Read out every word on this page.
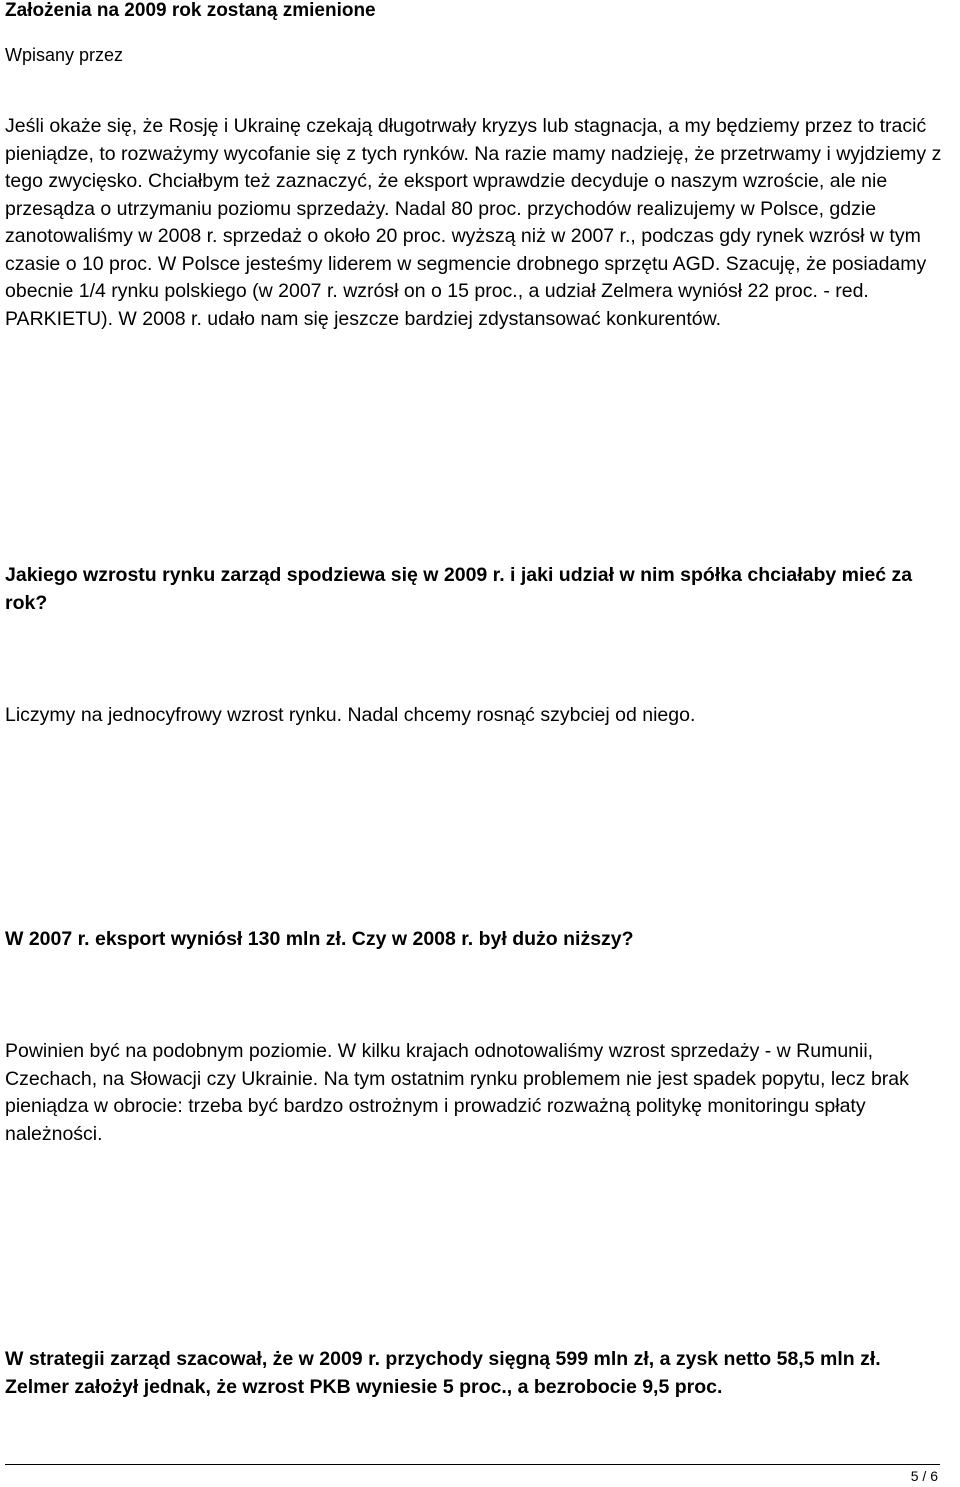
Założenia na 2009 rok zostaną zmienione
Wpisany przez

Jeśli okaże się, że Rosję i Ukrainę czekają długotrwały kryzys lub stagnacja, a my będziemy przez to tracić pieniądze, to rozważymy wycofanie się z tych rynków. Na razie mamy nadzieję, że przetrwamy i wyjdziemy z tego zwycięsko. Chciałbym też zaznaczyć, że eksport wprawdzie decyduje o naszym wzroście, ale nie przesądza o utrzymaniu poziomu sprzedaży. Nadal 80 proc. przychodów realizujemy w Polsce, gdzie zanotowaliśmy w 2008 r. sprzedaż o około 20 proc. wyższą niż w 2007 r., podczas gdy rynek wzrósł w tym czasie o 10 proc. W Polsce jesteśmy liderem w segmencie drobnego sprzętu AGD. Szacuję, że posiadamy obecnie 1/4 rynku polskiego (w 2007 r. wzrósł on o 15 proc., a udział Zelmera wyniósł 22 proc. - red. PARKIETU). W 2008 r. udało nam się jeszcze bardziej zdystansować konkurentów.

Jakiego wzrostu rynku zarząd spodziewa się w 2009 r. i jaki udział w nim spółka chciałaby mieć za rok?

Liczymy na jednocyfrowy wzrost rynku. Nadal chcemy rosnąć szybciej od niego.

W 2007 r. eksport wyniósł 130 mln zł. Czy w 2008 r. był dużo niższy?

Powinien być na podobnym poziomie. W kilku krajach odnotowaliśmy wzrost sprzedaży - w Rumunii, Czechach, na Słowacji czy Ukrainie. Na tym ostatnim rynku problemem nie jest spadek popytu, lecz brak pieniądza w obrocie: trzeba być bardzo ostrożnym i prowadzić rozważną politykę monitoringu spłaty należności.

W strategii zarząd szacował, że w 2009 r. przychody sięgną 599 mln zł, a zysk netto 58,5 mln zł. Zelmer założył jednak, że wzrost PKB wyniesie 5 proc., a bezrobocie 9,5 proc.

5 / 6
